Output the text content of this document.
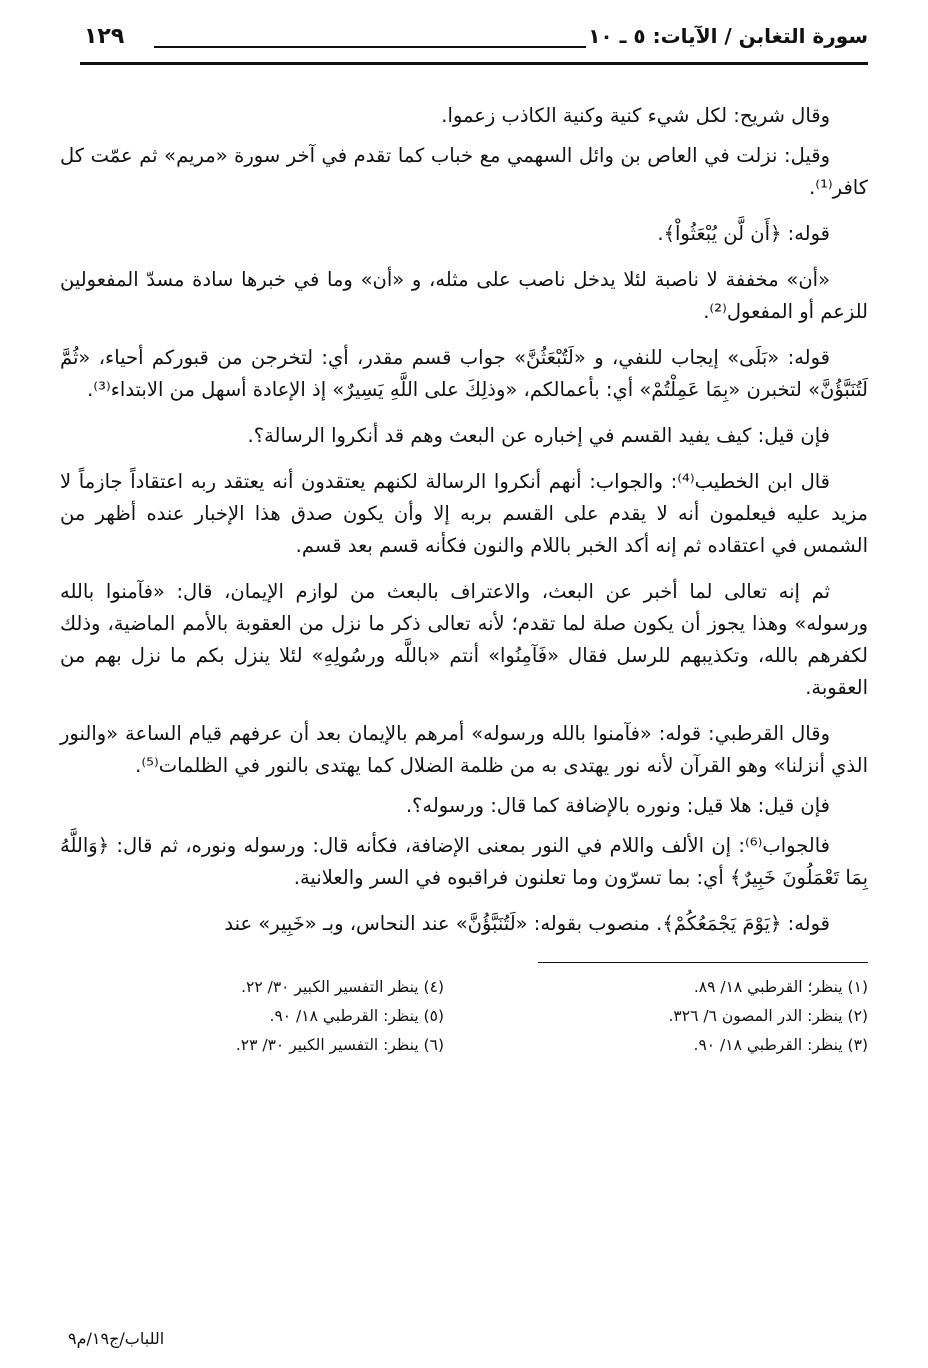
سورة التغابن / الآيات: ٥ ـ ١٠
١٢٩

وقال شريح: لكل شيء كنية وكنية الكاذب زعموا.

وقيل: نزلت في العاص بن وائل السهمي مع خباب كما تقدم في آخر سورة «مريم» ثم عمّت كل كافر⁽¹⁾.

قوله: ﴿أَن لَّن يُبْعَثُواْ﴾.

«أن» مخففة لا ناصبة لئلا يدخل ناصب على مثله، و «أن» وما في خبرها سادة مسدّ المفعولين للزعم أو المفعول⁽²⁾.

قوله: «بَلَى» إيجاب للنفي، و «لَتُبْعَثُنَّ» جواب قسم مقدر، أي: لتخرجن من قبوركم أحياء، «ثُمَّ لَتُنَبَّؤُنَّ» لتخبرن «بِمَا عَمِلْتُمْ» أي: بأعمالكم، «وذلِكَ على اللَّهِ يَسِيرٌ» إذ الإعادة أسهل من الابتداء⁽³⁾.

فإن قيل: كيف يفيد القسم في إخباره عن البعث وهم قد أنكروا الرسالة؟.

قال ابن الخطيب⁽⁴⁾: والجواب: أنهم أنكروا الرسالة لكنهم يعتقدون أنه يعتقد ربه اعتقاداً جازماً لا مزيد عليه فيعلمون أنه لا يقدم على القسم بربه إلا وأن يكون صدق هذا الإخبار عنده أظهر من الشمس في اعتقاده ثم إنه أكد الخبر باللام والنون فكأنه قسم بعد قسم.

ثم إنه تعالى لما أخبر عن البعث، والاعتراف بالبعث من لوازم الإيمان، قال: «فآمنوا بالله ورسوله» وهذا يجوز أن يكون صلة لما تقدم؛ لأنه تعالى ذكر ما نزل من العقوبة بالأمم الماضية، وذلك لكفرهم بالله، وتكذيبهم للرسل فقال «فَآمِنُوا» أنتم «باللَّه ورسُولِهِ» لئلا ينزل بكم ما نزل بهم من العقوبة.

وقال القرطبي: قوله: «فآمنوا بالله ورسوله» أمرهم بالإيمان بعد أن عرفهم قيام الساعة «والنور الذي أنزلنا» وهو القرآن لأنه نور يهتدى به من ظلمة الضلال كما يهتدى بالنور في الظلمات⁽⁵⁾.

فإن قيل: هلا قيل: ونوره بالإضافة كما قال: ورسوله؟.

فالجواب⁽⁶⁾: إن الألف واللام في النور بمعنى الإضافة، فكأنه قال: ورسوله ونوره، ثم قال: ﴿وَاللَّهُ بِمَا تَعْمَلُونَ خَبِيرٌ﴾ أي: بما تسرّون وما تعلنون فراقبوه في السر والعلانية.

قوله: ﴿يَوْمَ يَجْمَعُكُمْ﴾. منصوب بقوله: «لَتُنَبَّؤُنَّ» عند النحاس، وبـ «خَبِير» عند

(١) ينظر؛ القرطبي ١٨/ ٨٩.
(٢) ينظر: الدر المصون ٦/ ٣٢٦.
(٣) ينظر: القرطبي ١٨/ ٩٠.
(٤) ينظر التفسير الكبير ٣٠/ ٢٢.
(٥) ينظر: القرطبي ١٨/ ٩٠.
(٦) ينظر: التفسير الكبير ٣٠/ ٢٣.
اللباب/ج١٩/م٩
